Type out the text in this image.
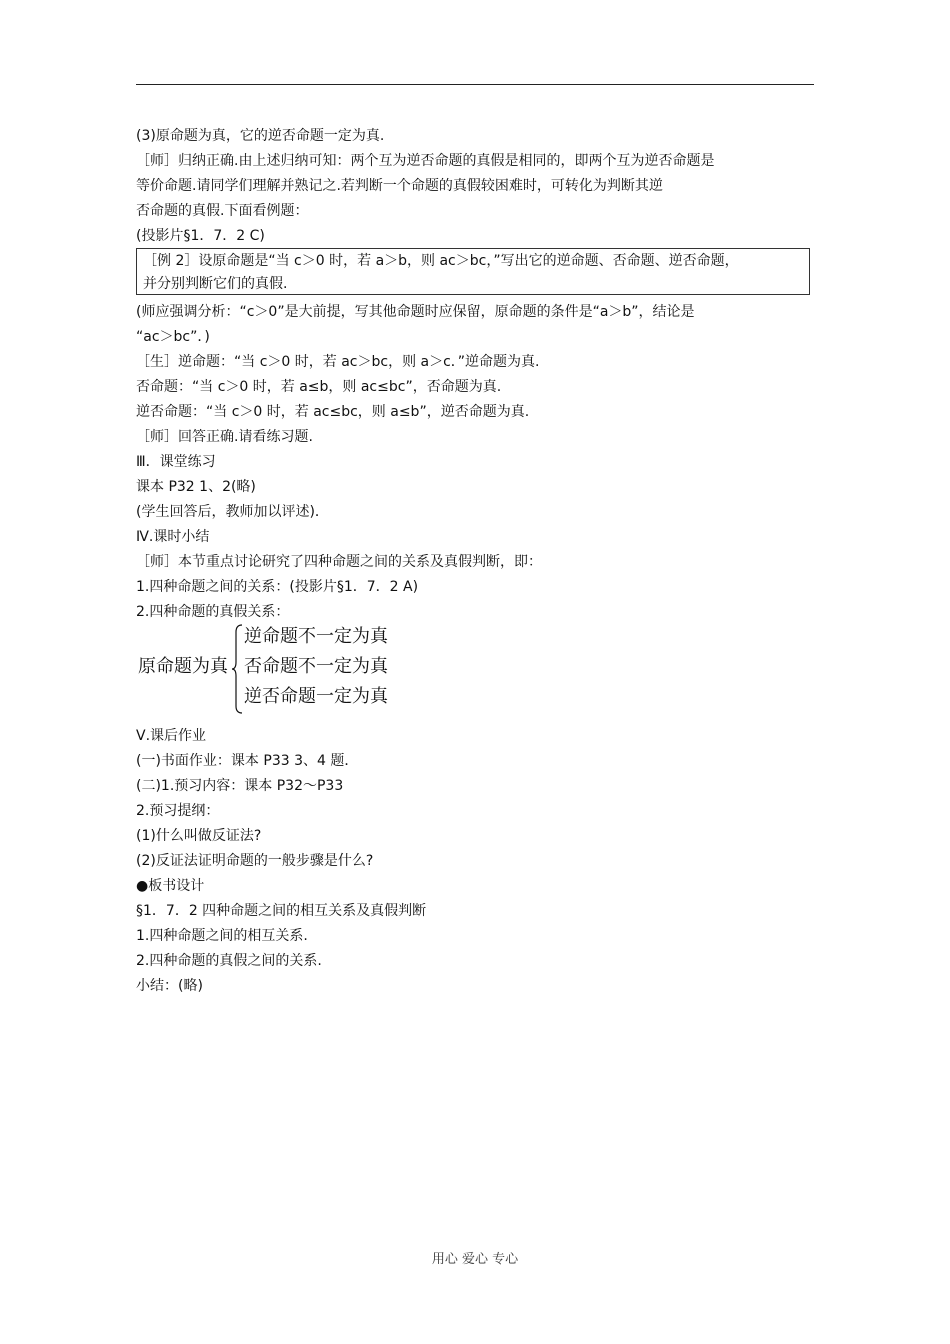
(3)原命题为真，它的逆否命题一定为真.
［师］归纳正确.由上述归纳可知：两个互为逆否命题的真假是相同的，即两个互为逆否命题是
等价命题.请同学们理解并熟记之.若判断一个命题的真假较困难时，可转化为判断其逆
否命题的真假.下面看例题：
(投影片§1．7．2 C)
［例 2］设原命题是“当 c＞0 时，若 a＞b，则 ac＞bc，”写出它的逆命题、否命题、逆否命题，
并分别判断它们的真假.
(师应强调分析：“c＞0”是大前提，写其他命题时应保留，原命题的条件是“a＞b”，结论是
“ac＞bc”．)
［生］逆命题：“当 c＞0 时，若 ac＞bc，则 a＞c．”逆命题为真.
否命题：“当 c＞0 时，若 a≤b，则 ac≤bc”，否命题为真.
逆否命题：“当 c＞0 时，若 ac≤bc，则 a≤b”，逆否命题为真.
［师］回答正确.请看练习题.
Ⅲ．课堂练习
课本 P32 1、2(略)
(学生回答后，教师加以评述)．
Ⅳ.课时小结
［师］本节重点讨论研究了四种命题之间的关系及真假判断，即：
1.四种命题之间的关系：(投影片§1．7．2 A)
2.四种命题的真假关系：
原命题为真
逆命题不一定为真
否命题不一定为真
逆否命题一定为真
Ⅴ.课后作业
(一)书面作业：课本 P33 3、4 题．
(二)1.预习内容：课本 P32～P33
2.预习提纲：
(1)什么叫做反证法?
(2)反证法证明命题的一般步骤是什么?
●板书设计
§1．7．2 四种命题之间的相互关系及真假判断
1.四种命题之间的相互关系.
2.四种命题的真假之间的关系.
小结：(略)
用心 爱心 专心
